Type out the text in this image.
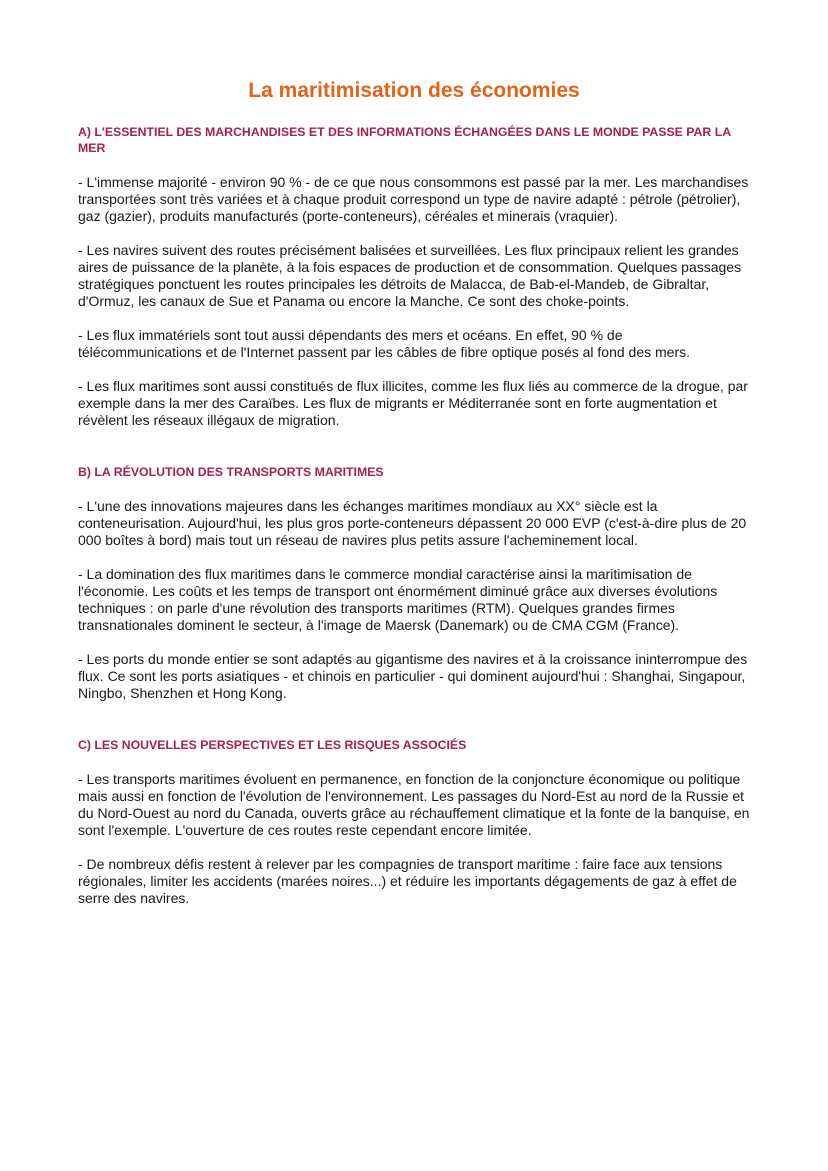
La maritimisation des économies
A) L'ESSENTIEL DES MARCHANDISES ET DES INFORMATIONS ÉCHANGÉES DANS LE MONDE PASSE PAR LA MER

- L'immense majorité - environ 90 % - de ce que nous consommons est passé par la mer. Les marchandises transportées sont très variées et à chaque produit correspond un type de navire adapté : pétrole (pétrolier), gaz (gazier), produits manufacturés (porte-conteneurs), céréales et minerais (vraquier).

- Les navires suivent des routes précisément balisées et surveillées. Les flux principaux relient les grandes aires de puissance de la planète, à la fois espaces de production et de consommation. Quelques passages stratégiques ponctuent les routes principales les détroits de Malacca, de Bab-el-Mandeb, de Gibraltar, d'Ormuz, les canaux de Sue et Panama ou encore la Manche. Ce sont des choke-points.

- Les flux immatériels sont tout aussi dépendants des mers et océans. En effet, 90 % de télécommunications et de l'Internet passent par les câbles de fibre optique posés al fond des mers.

- Les flux maritimes sont aussi constitués de flux illicites, comme les flux liés au commerce de la drogue, par exemple dans la mer des Caraïbes. Les flux de migrants er Méditerranée sont en forte augmentation et révèlent les réseaux illégaux de migration.

B) LA RÉVOLUTION DES TRANSPORTS MARITIMES

- L'une des innovations majeures dans les échanges maritimes mondiaux au XX° siècle est la conteneurisation. Aujourd'hui, les plus gros porte-conteneurs dépassent 20 000 EVP (c'est-à-dire plus de 20 000 boîtes à bord) mais tout un réseau de navires plus petits assure l'acheminement local.

- La domination des flux maritimes dans le commerce mondial caractérise ainsi la maritimisation de l'économie. Les coûts et les temps de transport ont énormément diminué grâce aux diverses évolutions techniques : on parle d'une révolution des transports maritimes (RTM). Quelques grandes firmes transnationales dominent le secteur, à l'image de Maersk (Danemark) ou de CMA CGM (France).

- Les ports du monde entier se sont adaptés au gigantisme des navires et à la croissance ininterrompue des flux. Ce sont les ports asiatiques - et chinois en particulier - qui dominent aujourd'hui : Shanghai, Singapour, Ningbo, Shenzhen et Hong Kong.

C) LES NOUVELLES PERSPECTIVES ET LES RISQUES ASSOCIÉS

- Les transports maritimes évoluent en permanence, en fonction de la conjoncture économique ou politique mais aussi en fonction de l'évolution de l'environnement. Les passages du Nord-Est au nord de la Russie et du Nord-Ouest au nord du Canada, ouverts grâce au réchauffement climatique et la fonte de la banquise, en sont l'exemple. L'ouverture de ces routes reste cependant encore limitée.

- De nombreux défis restent à relever par les compagnies de transport maritime : faire face aux tensions régionales, limiter les accidents (marées noires...) et réduire les importants dégagements de gaz à effet de serre des navires.
